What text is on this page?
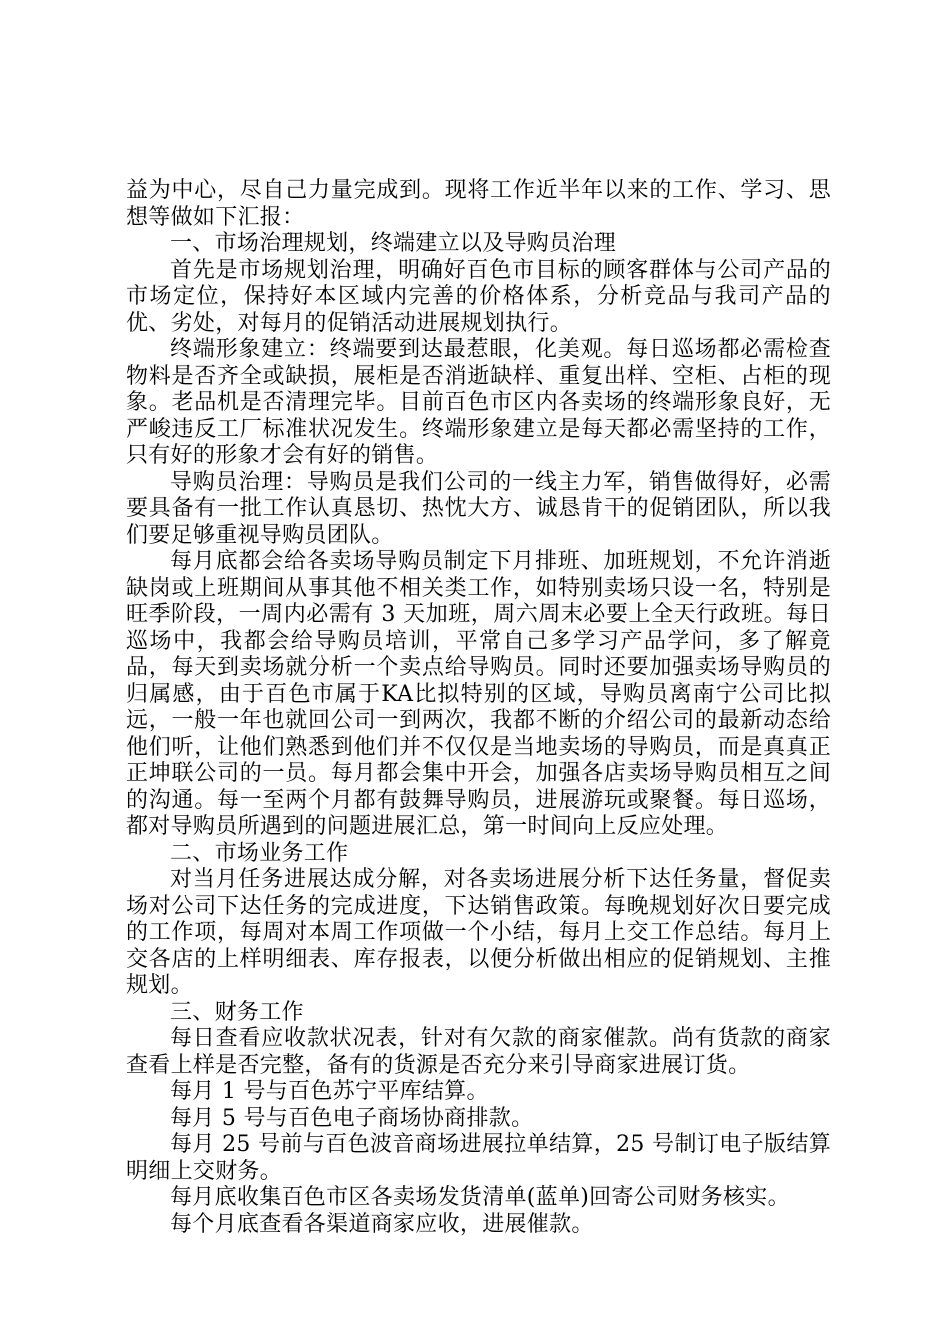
益为中心，尽自己力量完成到。现将工作近半年以来的工作、学习、思想等做如下汇报：

一、市场治理规划，终端建立以及导购员治理

首先是市场规划治理，明确好百色市目标的顾客群体与公司产品的市场定位，保持好本区域内完善的价格体系，分析竞品与我司产品的优、劣处，对每月的促销活动进展规划执行。

终端形象建立：终端要到达最惹眼，化美观。每日巡场都必需检查物料是否齐全或缺损，展柜是否消逝缺样、重复出样、空柜、占柜的现象。老品机是否清理完毕。目前百色市区内各卖场的终端形象良好，无严峻违反工厂标准状况发生。终端形象建立是每天都必需坚持的工作，只有好的形象才会有好的销售。

导购员治理：导购员是我们公司的一线主力军，销售做得好，必需要具备有一批工作认真恳切、热忱大方、诚恳肯干的促销团队，所以我们要足够重视导购员团队。

每月底都会给各卖场导购员制定下月排班、加班规划，不允许消逝缺岗或上班期间从事其他不相关类工作，如特别卖场只设一名，特别是旺季阶段，一周内必需有 3 天加班，周六周末必要上全天行政班。每日巡场中，我都会给导购员培训，平常自己多学习产品学问，多了解竟品，每天到卖场就分析一个卖点给导购员。同时还要加强卖场导购员的归属感，由于百色市属于KA比拟特别的区域，导购员离南宁公司比拟远，一般一年也就回公司一到两次，我都不断的介绍公司的最新动态给他们听，让他们熟悉到他们并不仅仅是当地卖场的导购员，而是真真正正坤联公司的一员。每月都会集中开会，加强各店卖场导购员相互之间的沟通。每一至两个月都有鼓舞导购员，进展游玩或聚餐。每日巡场，都对导购员所遇到的问题进展汇总，第一时间向上反应处理。

二、市场业务工作

对当月任务进展达成分解，对各卖场进展分析下达任务量，督促卖场对公司下达任务的完成进度，下达销售政策。每晚规划好次日要完成的工作项，每周对本周工作项做一个小结，每月上交工作总结。每月上交各店的上样明细表、库存报表，以便分析做出相应的促销规划、主推规划。

三、财务工作

每日查看应收款状况表，针对有欠款的商家催款。尚有货款的商家查看上样是否完整，备有的货源是否充分来引导商家进展订货。

每月 1 号与百色苏宁平库结算。

每月 5 号与百色电子商场协商排款。

每月 25 号前与百色波音商场进展拉单结算，25 号制订电子版结算明细上交财务。

每月底收集百色市区各卖场发货清单(蓝单)回寄公司财务核实。

每个月底查看各渠道商家应收，进展催款。
